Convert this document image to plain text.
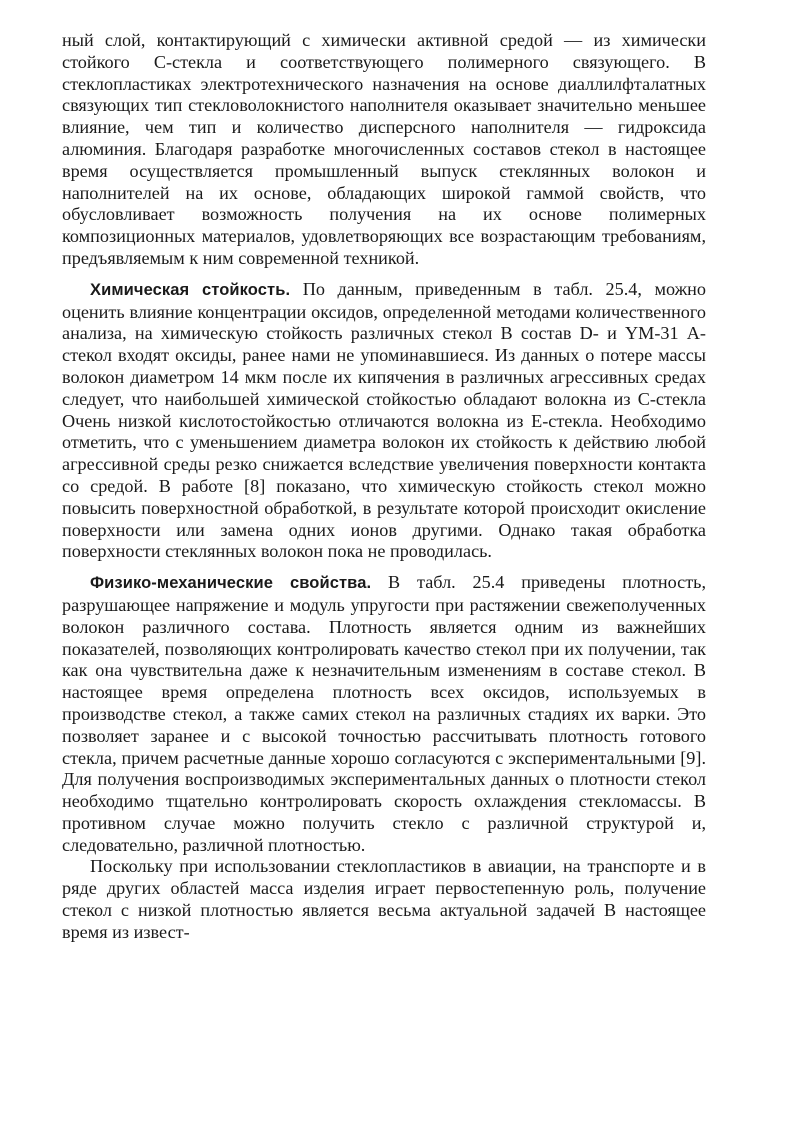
ный слой, контактирующий с химически активной средой — из химически стойкого С-стекла и соответствующего полимерного связующего. В стеклопластиках электротехнического назначения на основе диаллилфталатных связующих тип стекловолокнистого наполнителя оказывает значительно меньшее влияние, чем тип и количество дисперсного наполнителя — гидроксида алюминия. Благодаря разработке многочисленных составов стекол в настоящее время осуществляется промышленный выпуск стеклянных волокон и наполнителей на их основе, обладающих широкой гаммой свойств, что обусловливает возможность получения на их основе полимерных композиционных материалов, удовлетворяющих все возрастающим требованиям, предъявляемым к ним современной техникой.

Химическая стойкость. По данным, приведенным в табл. 25.4, можно оценить влияние концентрации оксидов, определенной методами количественного анализа, на химическую стойкость различных стекол В состав D- и YM-31 А-стекол входят оксиды, ранее нами не упоминавшиеся. Из данных о потере массы волокон диаметром 14 мкм после их кипячения в различных агрессивных средах следует, что наибольшей химической стойкостью обладают волокна из С-стекла Очень низкой кислотостойкостью отличаются волокна из Е-стекла. Необходимо отметить, что с уменьшением диаметра волокон их стойкость к действию любой агрессивной среды резко снижается вследствие увеличения поверхности контакта со средой. В работе [8] показано, что химическую стойкость стекол можно повысить поверхностной обработкой, в результате которой происходит окисление поверхности или замена одних ионов другими. Однако такая обработка поверхности стеклянных волокон пока не проводилась.

Физико-механические свойства. В табл. 25.4 приведены плотность, разрушающее напряжение и модуль упругости при растяжении свежеполученных волокон различного состава. Плотность является одним из важнейших показателей, позволяющих контролировать качество стекол при их получении, так как она чувствительна даже к незначительным изменениям в составе стекол. В настоящее время определена плотность всех оксидов, используемых в производстве стекол, а также самих стекол на различных стадиях их варки. Это позволяет заранее и с высокой точностью рассчитывать плотность готового стекла, причем расчетные данные хорошо согласуются с экспериментальными [9]. Для получения воспроизводимых экспериментальных данных о плотности стекол необходимо тщательно контролировать скорость охлаждения стекломассы. В противном случае можно получить стекло с различной структурой и, следовательно, различной плотностью.

Поскольку при использовании стеклопластиков в авиации, на транспорте и в ряде других областей масса изделия играет первостепенную роль, получение стекол с низкой плотностью является весьма актуальной задачей В настоящее время из извест-
